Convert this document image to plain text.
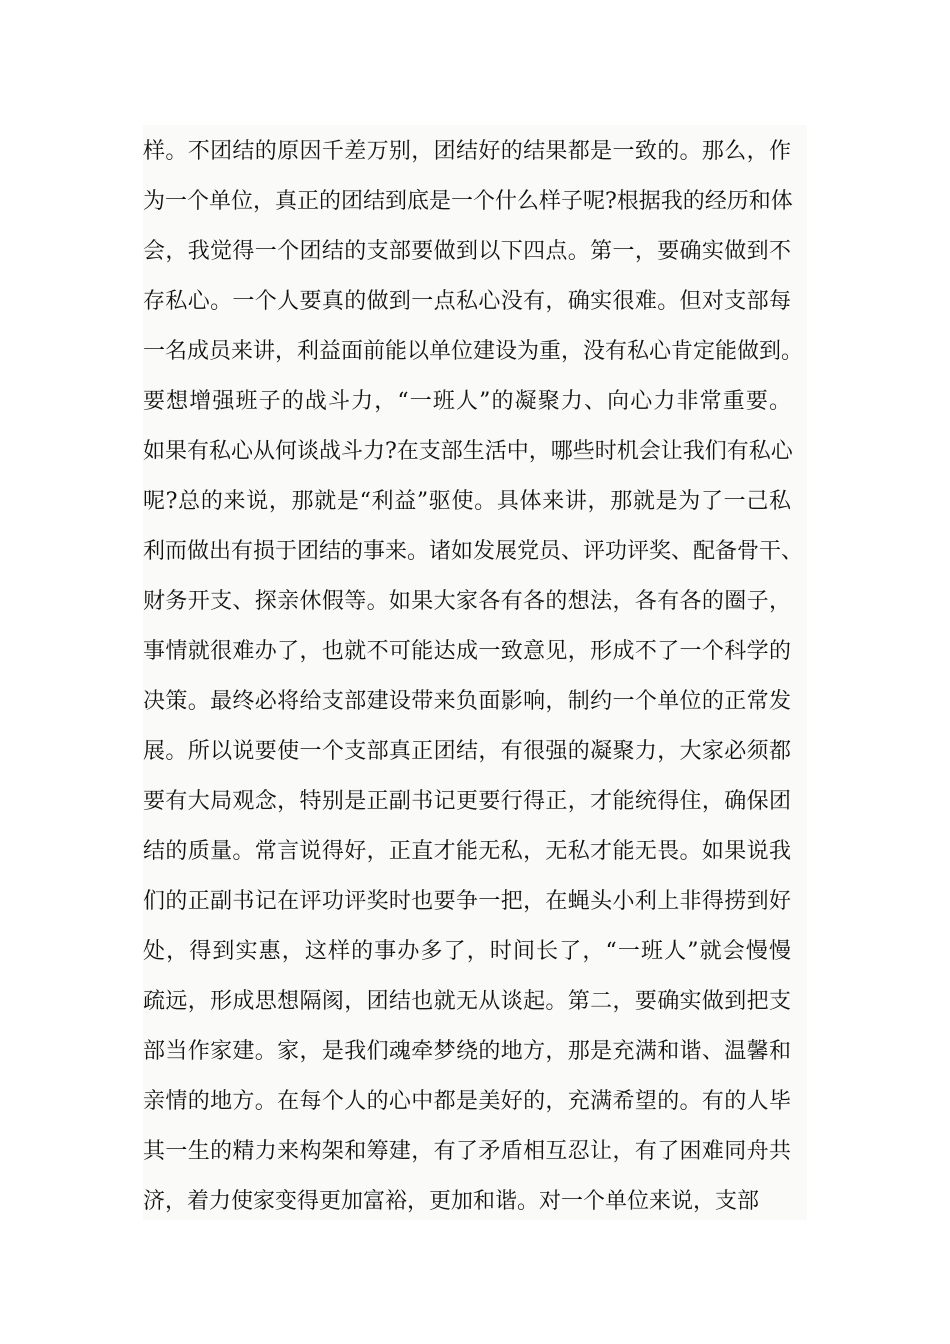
样。不团结的原因千差万别，团结好的结果都是一致的。那么，作
为一个单位，真正的团结到底是一个什么样子呢?根据我的经历和体
会，我觉得一个团结的支部要做到以下四点。第一，要确实做到不
存私心。一个人要真的做到一点私心没有，确实很难。但对支部每
一名成员来讲，利益面前能以单位建设为重，没有私心肯定能做到。
要想增强班子的战斗力，“一班人”的凝聚力、向心力非常重要。
如果有私心从何谈战斗力?在支部生活中，哪些时机会让我们有私心
呢?总的来说，那就是“利益”驱使。具体来讲，那就是为了一己私
利而做出有损于团结的事来。诸如发展党员、评功评奖、配备骨干、
财务开支、探亲休假等。如果大家各有各的想法，各有各的圈子，
事情就很难办了，也就不可能达成一致意见，形成不了一个科学的
决策。最终必将给支部建设带来负面影响，制约一个单位的正常发
展。所以说要使一个支部真正团结，有很强的凝聚力，大家必须都
要有大局观念，特别是正副书记更要行得正，才能统得住，确保团
结的质量。常言说得好，正直才能无私，无私才能无畏。如果说我
们的正副书记在评功评奖时也要争一把，在蝇头小利上非得捞到好
处，得到实惠，这样的事办多了，时间长了，“一班人”就会慢慢
疏远，形成思想隔阂，团结也就无从谈起。第二，要确实做到把支
部当作家建。家，是我们魂牵梦绕的地方，那是充满和谐、温馨和
亲情的地方。在每个人的心中都是美好的，充满希望的。有的人毕
其一生的精力来构架和筹建，有了矛盾相互忍让，有了困难同舟共
济，着力使家变得更加富裕，更加和谐。对一个单位来说，支部
